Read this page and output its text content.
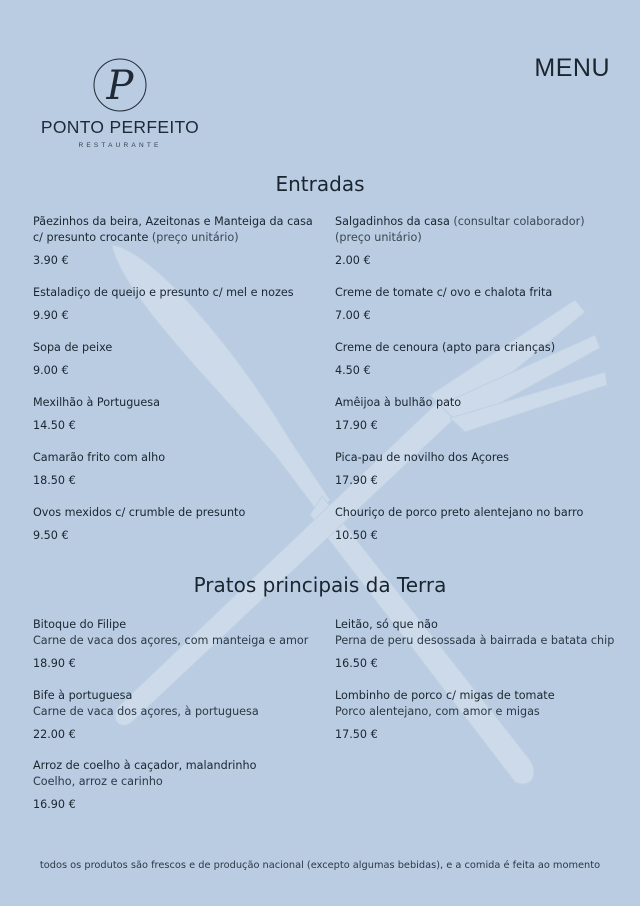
P
PONTO PERFEITO
RESTAURANTE
MENU
Entradas
Pãezinhos da beira, Azeitonas e Manteiga da casa c/ presunto crocante (preço unitário)
3.90 €
Estaladiço de queijo e presunto c/ mel e nozes
9.90 €
Sopa de peixe
9.00 €
Mexilhão à Portuguesa
14.50 €
Camarão frito com alho
18.50 €
Ovos mexidos c/ crumble de presunto
9.50 €
Salgadinhos da casa (consultar colaborador) (preço unitário)
2.00 €
Creme de tomate c/ ovo e chalota frita
7.00 €
Creme de cenoura (apto para crianças)
4.50 €
Amêijoa à bulhão pato
17.90 €
Pica-pau de novilho dos Açores
17.90 €
Chouriço de porco preto alentejano no barro
10.50 €
Pratos principais da Terra
Bitoque do Filipe
Carne de vaca dos açores, com manteiga e amor
18.90 €
Bife à portuguesa
Carne de vaca dos açores, à portuguesa
22.00 €
Arroz de coelho à caçador, malandrinho
Coelho, arroz e carinho
16.90 €
Leitão, só que não
Perna de peru desossada à bairrada e batata chip
16.50 €
Lombinho de porco c/ migas de tomate
Porco alentejano, com amor e migas
17.50 €
todos os produtos são frescos e de produção nacional (excepto algumas bebidas), e a comida é feita ao momento
